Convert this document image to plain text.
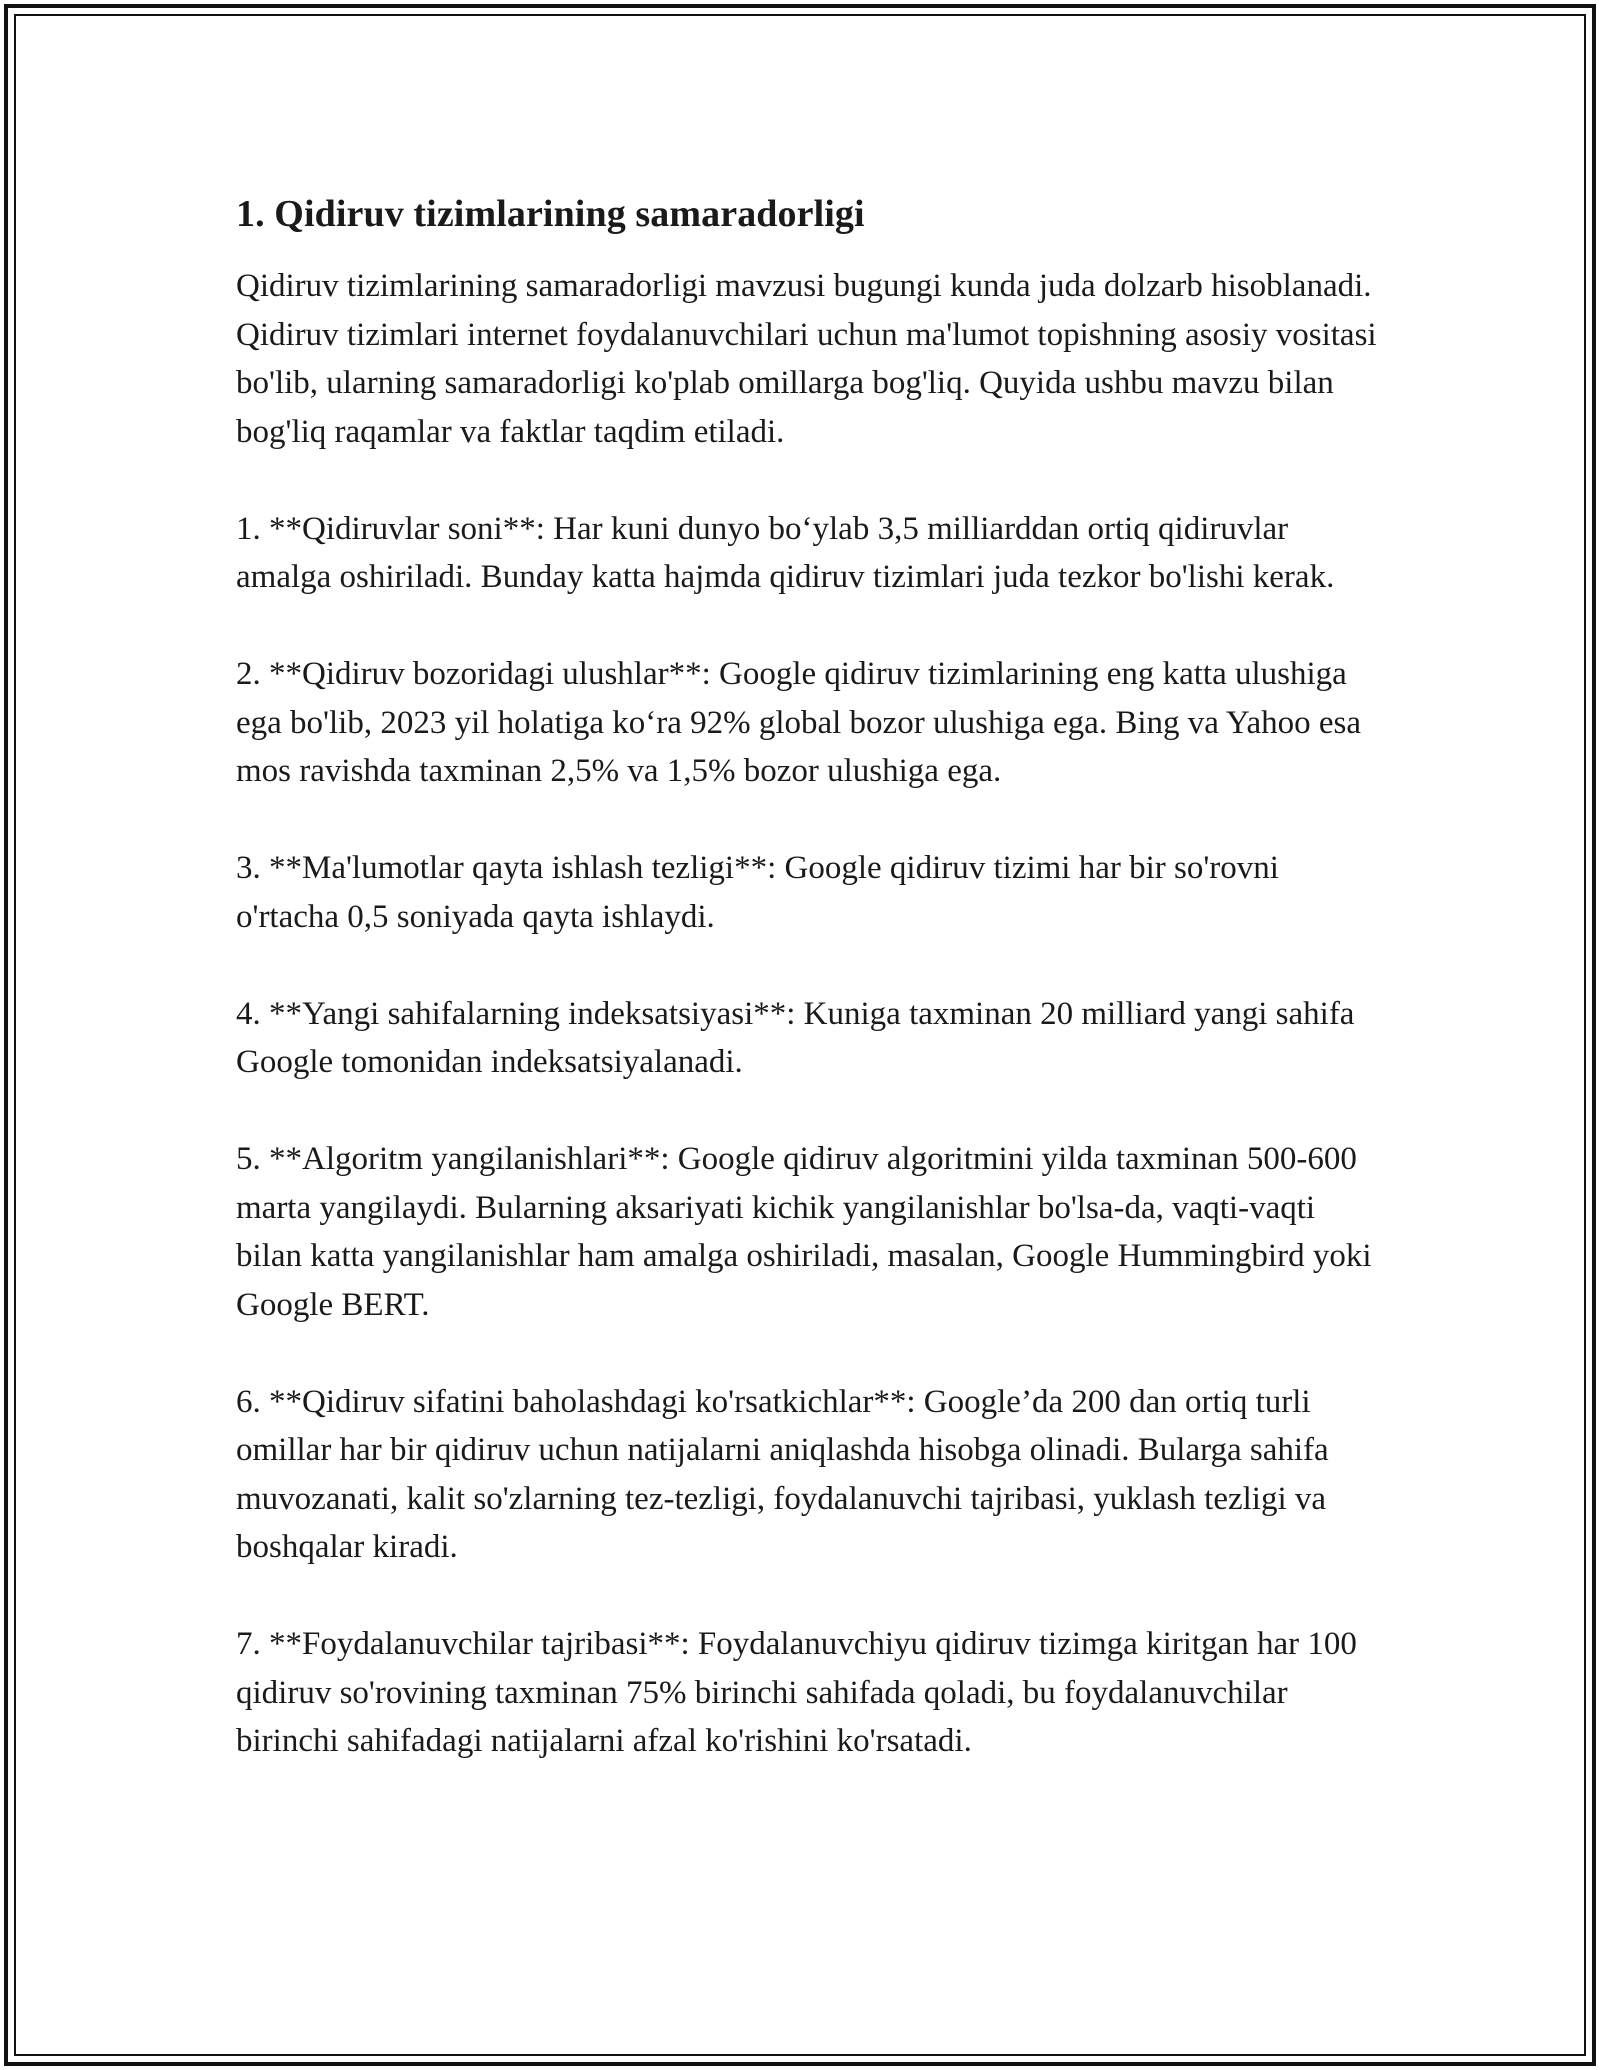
1. Qidiruv tizimlarining samaradorligi

Qidiruv tizimlarining samaradorligi mavzusi bugungi kunda juda dolzarb hisoblanadi. Qidiruv tizimlari internet foydalanuvchilari uchun ma'lumot topishning asosiy vositasi bo'lib, ularning samaradorligi ko'plab omillarga bog'liq. Quyida ushbu mavzu bilan bog'liq raqamlar va faktlar taqdim etiladi.

1. **Qidiruvlar soni**: Har kuni dunyo bo‘ylab 3,5 milliarddan ortiq qidiruvlar amalga oshiriladi. Bunday katta hajmda qidiruv tizimlari juda tezkor bo'lishi kerak.

2. **Qidiruv bozoridagi ulushlar**: Google qidiruv tizimlarining eng katta ulushiga ega bo'lib, 2023 yil holatiga ko‘ra 92% global bozor ulushiga ega. Bing va Yahoo esa mos ravishda taxminan 2,5% va 1,5% bozor ulushiga ega.

3. **Ma'lumotlar qayta ishlash tezligi**: Google qidiruv tizimi har bir so'rovni o'rtacha 0,5 soniyada qayta ishlaydi.

4. **Yangi sahifalarning indeksatsiyasi**: Kuniga taxminan 20 milliard yangi sahifa Google tomonidan indeksatsiyalanadi.

5. **Algoritm yangilanishlari**: Google qidiruv algoritmini yilda taxminan 500-600 marta yangilaydi. Bularning aksariyati kichik yangilanishlar bo'lsa-da, vaqti-vaqti bilan katta yangilanishlar ham amalga oshiriladi, masalan, Google Hummingbird yoki Google BERT.

6. **Qidiruv sifatini baholashdagi ko'rsatkichlar**: Google’da 200 dan ortiq turli omillar har bir qidiruv uchun natijalarni aniqlashda hisobga olinadi. Bularga sahifa muvozanati, kalit so'zlarning tez-tezligi, foydalanuvchi tajribasi, yuklash tezligi va boshqalar kiradi.

7. **Foydalanuvchilar tajribasi**: Foydalanuvchiyu qidiruv tizimga kiritgan har 100 qidiruv so'rovining taxminan 75% birinchi sahifada qoladi, bu foydalanuvchilar birinchi sahifadagi natijalarni afzal ko'rishini ko'rsatadi.
